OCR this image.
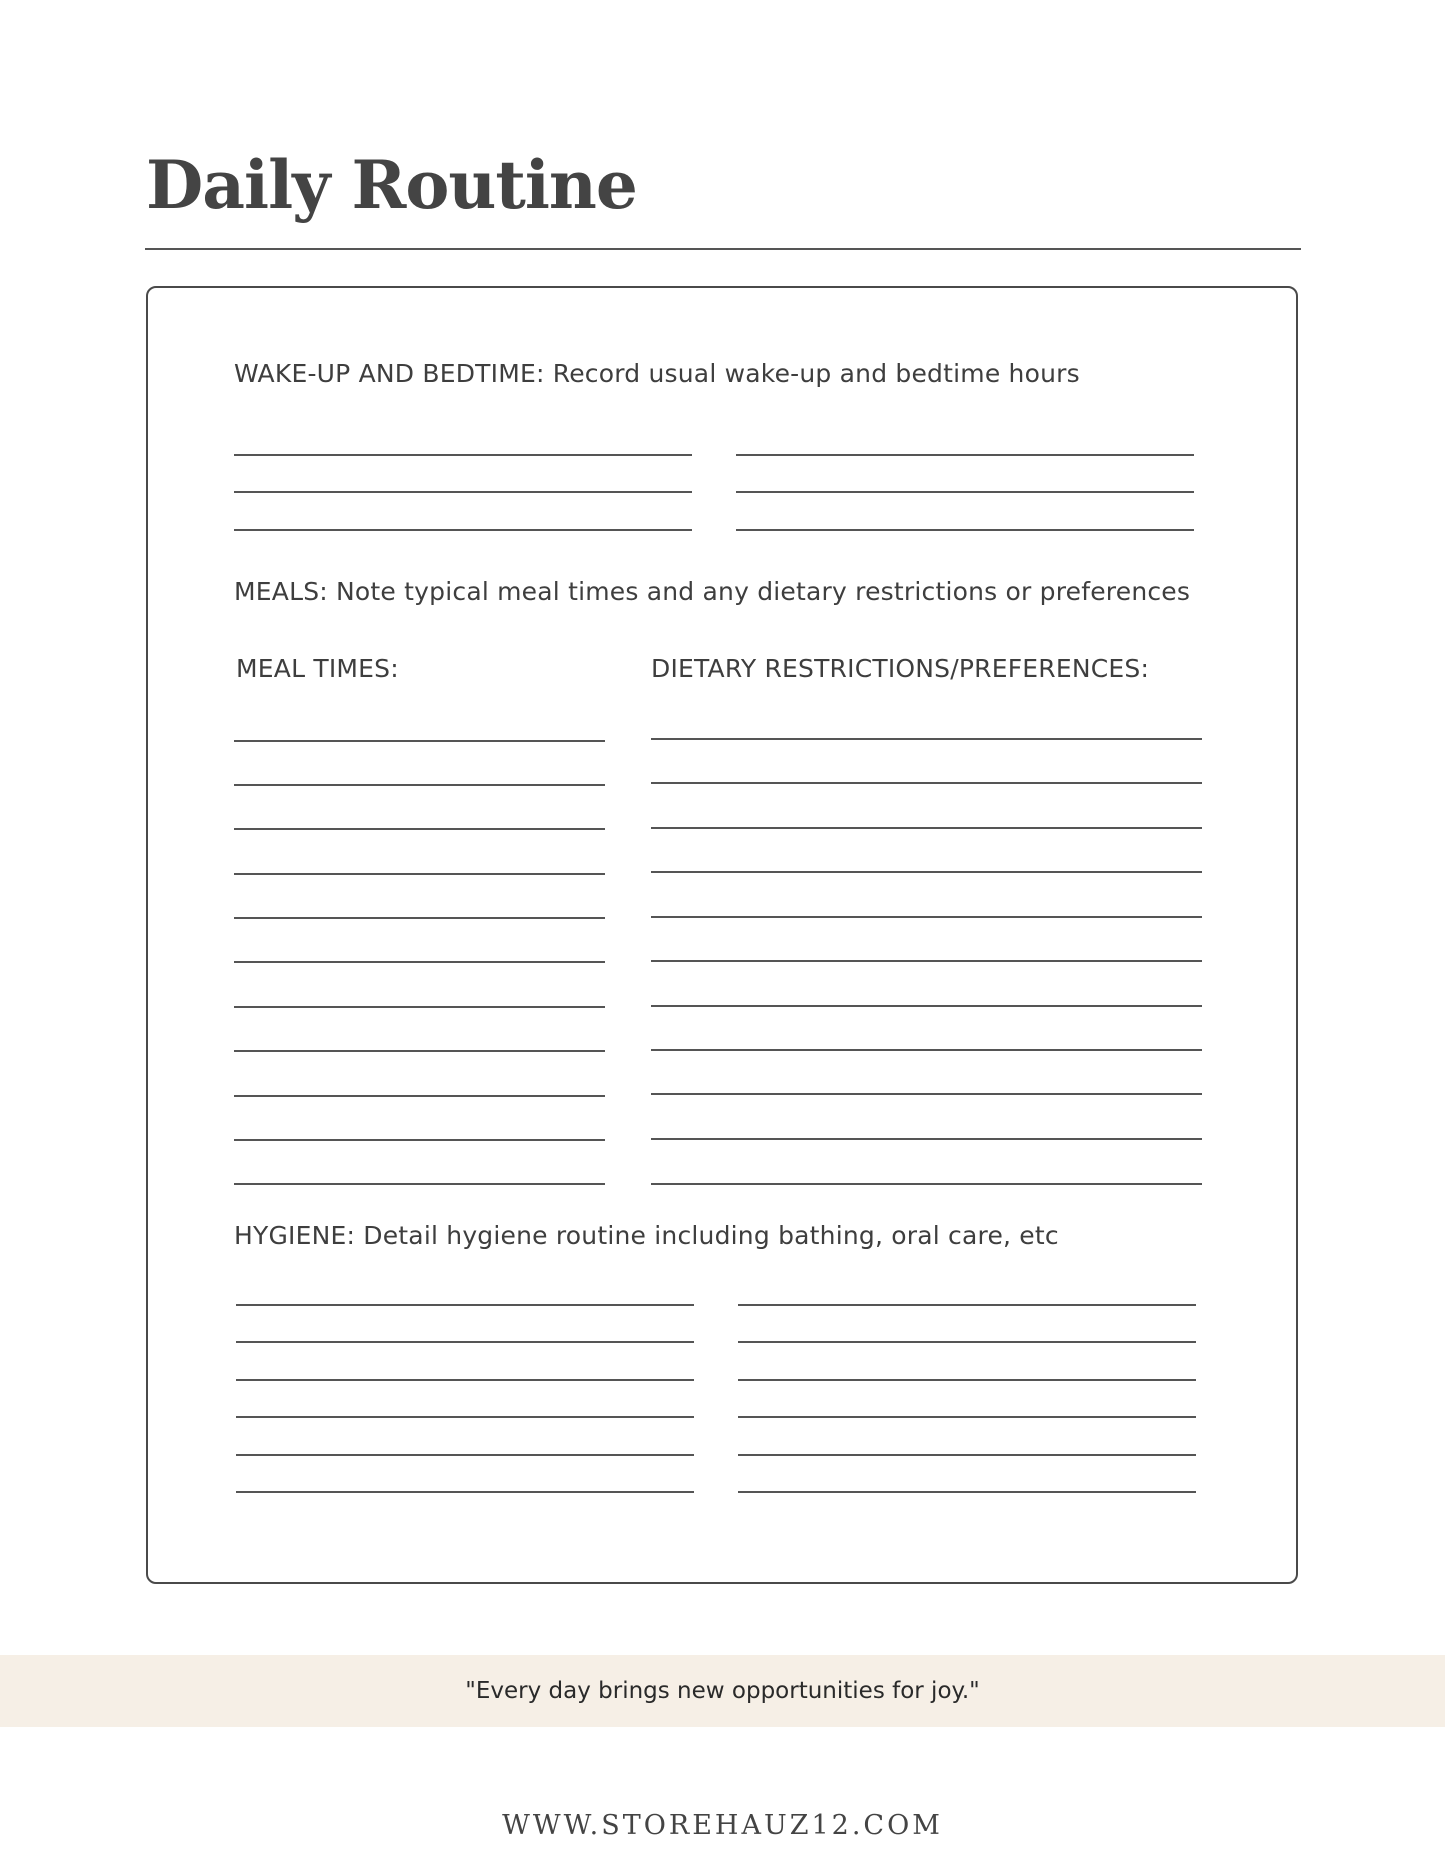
Daily Routine
WAKE-UP AND BEDTIME: Record usual wake-up and bedtime hours
MEALS: Note typical meal times and any dietary restrictions or preferences
MEAL TIMES:	DIETARY RESTRICTIONS/PREFERENCES:
HYGIENE: Detail hygiene routine including bathing, oral care, etc
"Every day brings new opportunities for joy."
WWW.STOREHAUZ12.COM
